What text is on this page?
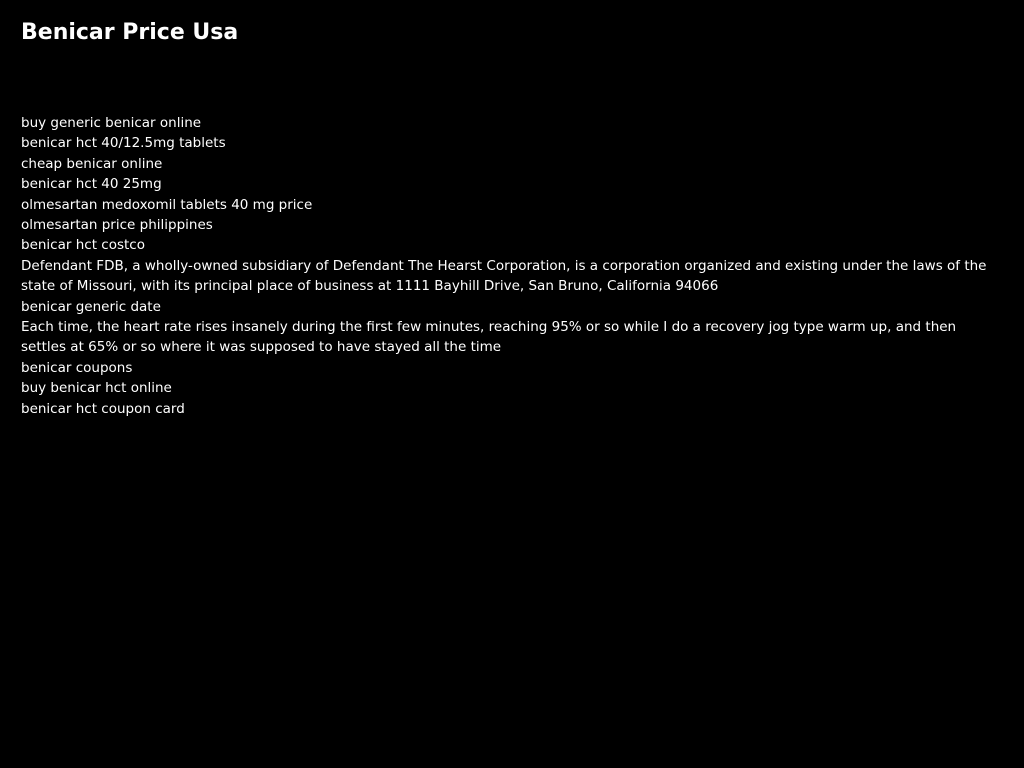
Benicar Price Usa

buy generic benicar online

benicar hct 40/12.5mg tablets

cheap benicar online

benicar hct 40 25mg

olmesartan medoxomil tablets 40 mg price

olmesartan price philippines

benicar hct costco

Defendant FDB, a wholly-owned subsidiary of Defendant The Hearst Corporation, is a corporation organized and existing under the laws of the state of Missouri, with its principal place of business at 1111 Bayhill Drive, San Bruno, California 94066

benicar generic date

Each time, the heart rate rises insanely during the first few minutes, reaching 95% or so while I do a recovery jog type warm up, and then settles at 65% or so where it was supposed to have stayed all the time

benicar coupons

buy benicar hct online

benicar hct coupon card
